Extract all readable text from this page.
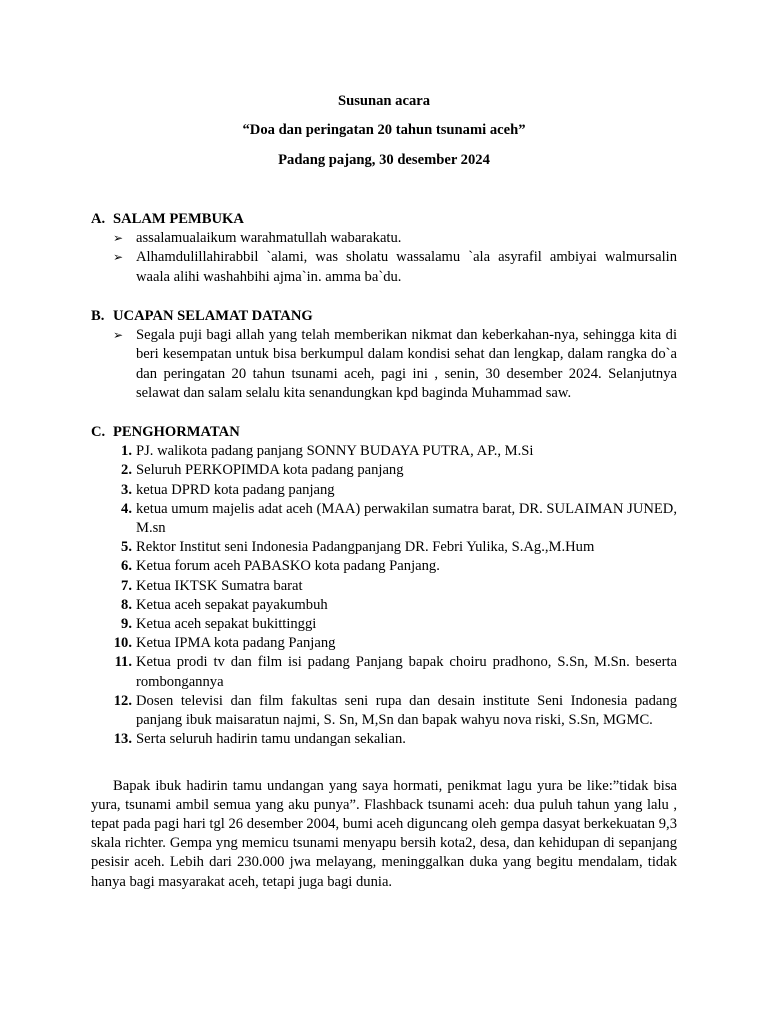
Susunan acara
“Doa dan peringatan 20 tahun tsunami aceh”
Padang pajang, 30 desember 2024
A. SALAM PEMBUKA
➢ assalamualaikum warahmatullah wabarakatu.
➢ Alhamdulillahirabbil `alami, was sholatu wassalamu `ala asyrafil ambiyai walmursalin waala alihi washahbihi ajma`in. amma ba`du.
B. UCAPAN SELAMAT DATANG
➢ Segala puji bagi allah yang telah memberikan nikmat dan keberkahan-nya, sehingga kita di beri kesempatan untuk bisa berkumpul dalam kondisi sehat dan lengkap, dalam rangka do`a dan peringatan 20 tahun tsunami aceh, pagi ini , senin, 30 desember 2024. Selanjutnya selawat dan salam selalu kita senandungkan kpd baginda Muhammad saw.
C. PENGHORMATAN
1. PJ. walikota padang panjang SONNY BUDAYA PUTRA, AP., M.Si
2. Seluruh PERKOPIMDA kota padang panjang
3. ketua DPRD kota padang panjang
4. ketua umum majelis adat aceh (MAA) perwakilan sumatra barat, DR. SULAIMAN JUNED, M.sn
5. Rektor Institut seni Indonesia Padangpanjang DR. Febri Yulika, S.Ag.,M.Hum
6. Ketua forum aceh PABASKO kota padang Panjang.
7. Ketua IKTSK Sumatra barat
8. Ketua aceh sepakat payakumbuh
9. Ketua aceh sepakat bukittinggi
10. Ketua IPMA kota padang Panjang
11. Ketua prodi tv dan film isi padang Panjang bapak choiru pradhono, S.Sn, M.Sn. beserta rombongannya
12. Dosen televisi dan film fakultas seni rupa dan desain institute Seni Indonesia padang panjang ibuk maisaratun najmi, S. Sn, M,Sn dan bapak wahyu nova riski, S.Sn, MGMC.
13. Serta seluruh hadirin tamu undangan sekalian.

Bapak ibuk hadirin tamu undangan yang saya hormati, penikmat lagu yura be like:”tidak bisa yura, tsunami ambil semua yang aku punya”. Flashback tsunami aceh: dua puluh tahun yang lalu , tepat pada pagi hari tgl 26 desember 2004, bumi aceh diguncang oleh gempa dasyat berkekuatan 9,3 skala richter. Gempa yng memicu tsunami menyapu bersih kota2, desa, dan kehidupan di sepanjang pesisir aceh. Lebih dari 230.000 jwa melayang, meninggalkan duka yang begitu mendalam, tidak hanya bagi masyarakat aceh, tetapi juga bagi dunia.
